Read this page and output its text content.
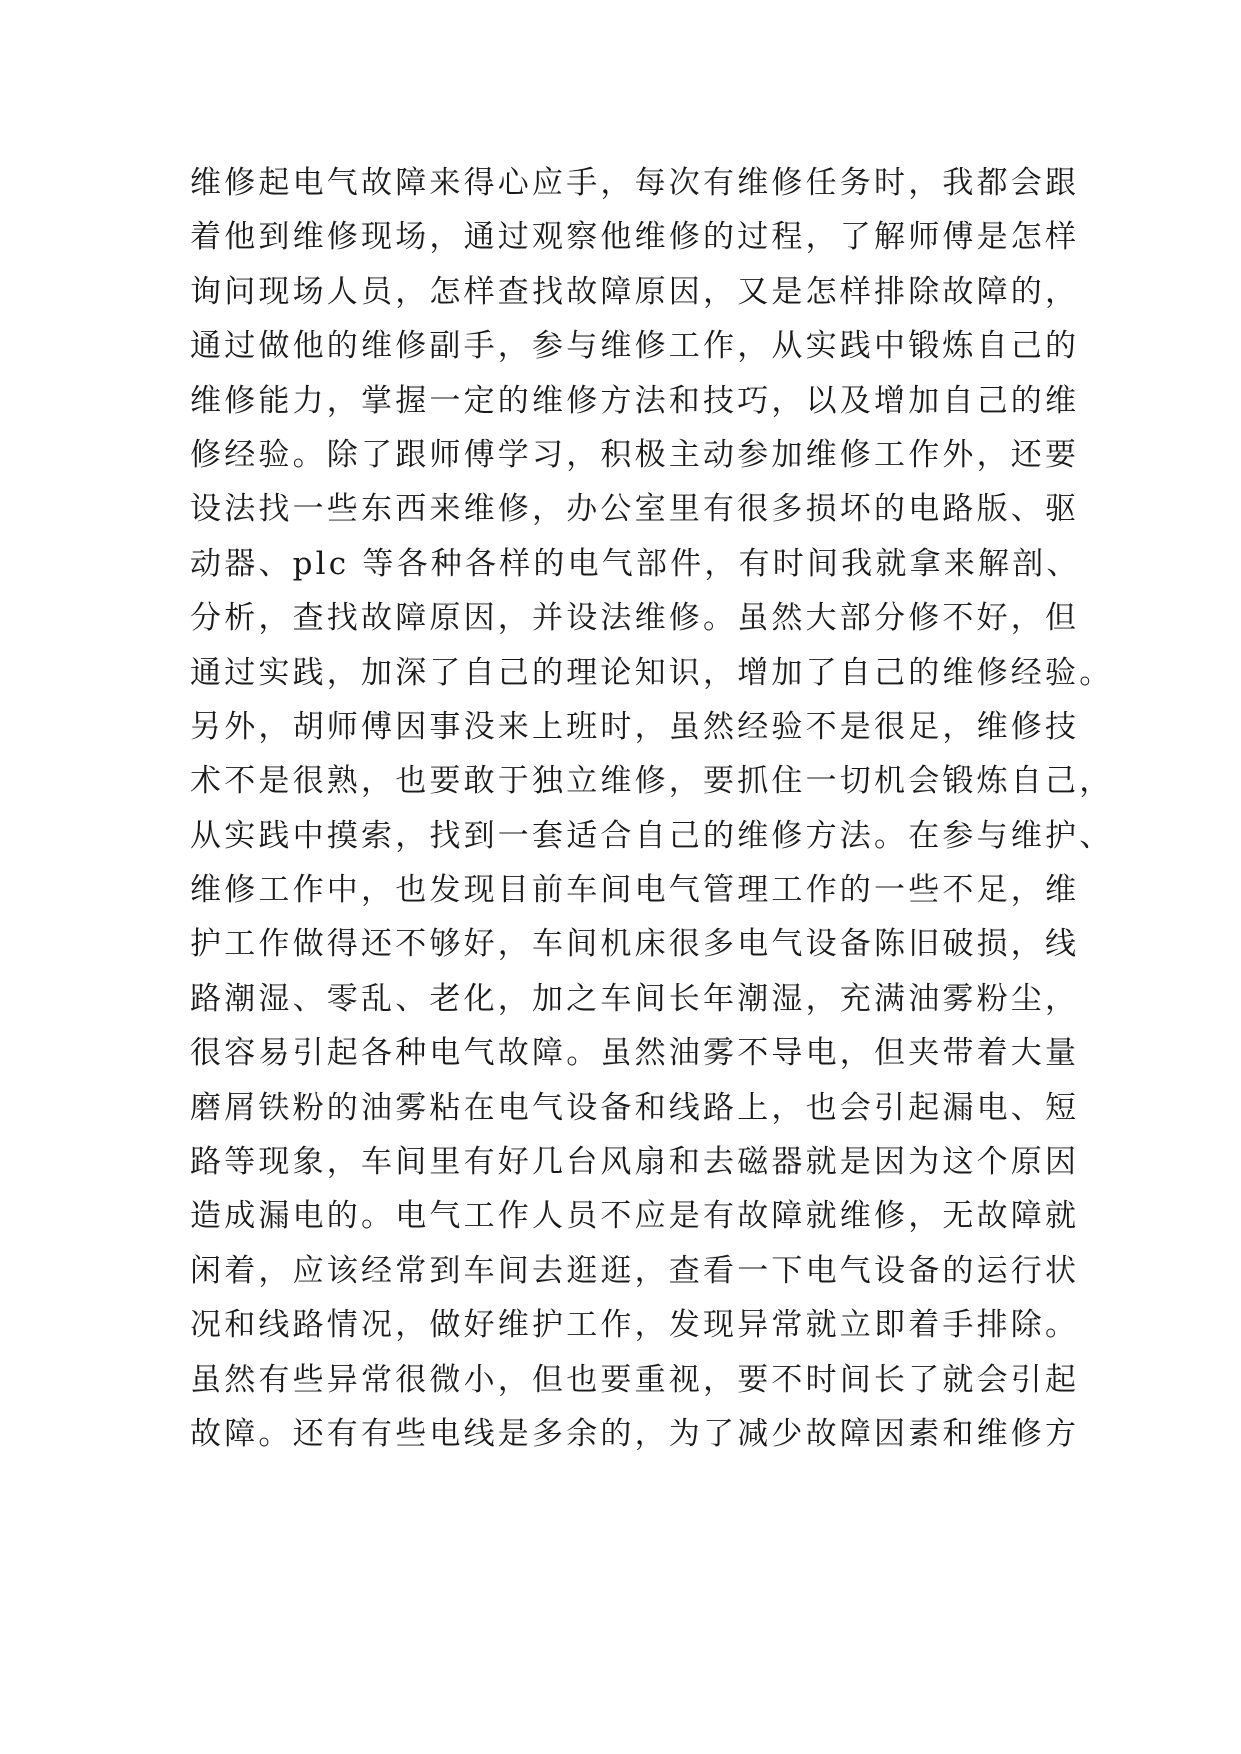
维修起电气故障来得心应手，每次有维修任务时，我都会跟
着他到维修现场，通过观察他维修的过程，了解师傅是怎样
询问现场人员，怎样查找故障原因，又是怎样排除故障的，
通过做他的维修副手，参与维修工作，从实践中锻炼自己的
维修能力，掌握一定的维修方法和技巧，以及增加自己的维
修经验。除了跟师傅学习，积极主动参加维修工作外，还要
设法找一些东西来维修，办公室里有很多损坏的电路版、驱
动器、plc 等各种各样的电气部件，有时间我就拿来解剖、
分析，查找故障原因，并设法维修。虽然大部分修不好，但
通过实践，加深了自己的理论知识，增加了自己的维修经验。
另外，胡师傅因事没来上班时，虽然经验不是很足，维修技
术不是很熟，也要敢于独立维修，要抓住一切机会锻炼自己，
从实践中摸索，找到一套适合自己的维修方法。在参与维护、
维修工作中，也发现目前车间电气管理工作的一些不足，维
护工作做得还不够好，车间机床很多电气设备陈旧破损，线
路潮湿、零乱、老化，加之车间长年潮湿，充满油雾粉尘，
很容易引起各种电气故障。虽然油雾不导电，但夹带着大量
磨屑铁粉的油雾粘在电气设备和线路上，也会引起漏电、短
路等现象，车间里有好几台风扇和去磁器就是因为这个原因
造成漏电的。电气工作人员不应是有故障就维修，无故障就
闲着，应该经常到车间去逛逛，查看一下电气设备的运行状
况和线路情况，做好维护工作，发现异常就立即着手排除。
虽然有些异常很微小，但也要重视，要不时间长了就会引起
故障。还有有些电线是多余的，为了减少故障因素和维修方
